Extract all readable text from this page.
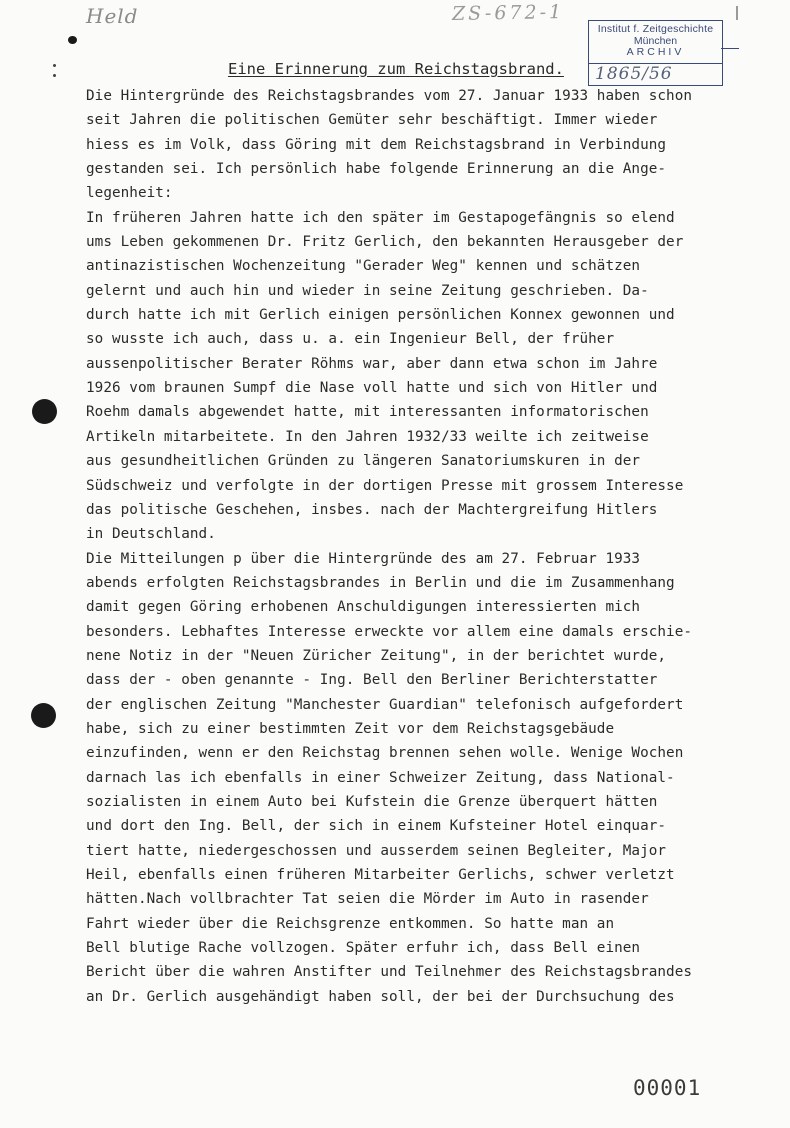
Held	ZS-672-1
Institut f. Zeitgeschichte
München
ARCHIV
1865/56
Eine Erinnerung zum Reichstagsbrand.
Die Hintergründe des Reichstagsbrandes vom 27. Januar 1933 haben schon
seit Jahren die politischen Gemüter sehr beschäftigt. Immer wieder
hiess es im Volk, dass Göring mit dem Reichstagsbrand in Verbindung
gestanden sei. Ich persönlich habe folgende Erinnerung an die Ange-
legenheit:
In früheren Jahren hatte ich den später im Gestapogefängnis so elend
ums Leben gekommenen Dr. Fritz Gerlich, den bekannten Herausgeber der
antinazistischen Wochenzeitung "Gerader Weg" kennen und schätzen
gelernt und auch hin und wieder in seine Zeitung geschrieben. Da-
durch hatte ich mit Gerlich einigen persönlichen Konnex gewonnen und
so wusste ich auch, dass u. a. ein Ingenieur Bell, der früher
aussenpolitischer Berater Röhms war, aber dann etwa schon im Jahre
1926 vom braunen Sumpf die Nase voll hatte und sich von Hitler und
Roehm damals abgewendet hatte, mit interessanten informatorischen
Artikeln mitarbeitete. In den Jahren 1932/33 weilte ich zeitweise
aus gesundheitlichen Gründen zu längeren Sanatoriumskuren in der
Südschweiz und verfolgte in der dortigen Presse mit grossem Interesse
das politische Geschehen, insbes. nach der Machtergreifung Hitlers
in Deutschland.
Die Mitteilungen p über die Hintergründe des am 27. Februar 1933
abends erfolgten Reichstagsbrandes in Berlin und die im Zusammenhang
damit gegen Göring erhobenen Anschuldigungen interessierten mich
besonders. Lebhaftes Interesse erweckte vor allem eine damals erschie-
nene Notiz in der "Neuen Züricher Zeitung", in der berichtet wurde,
dass der - oben genannte - Ing. Bell den Berliner Berichterstatter
der englischen Zeitung "Manchester Guardian" telefonisch aufgefordert
habe, sich zu einer bestimmten Zeit vor dem Reichstagsgebäude
einzufinden, wenn er den Reichstag brennen sehen wolle. Wenige Wochen
darnach las ich ebenfalls in einer Schweizer Zeitung, dass National-
sozialisten in einem Auto bei Kufstein die Grenze überquert hätten
und dort den Ing. Bell, der sich in einem Kufsteiner Hotel einquar-
tiert hatte, niedergeschossen und ausserdem seinen Begleiter, Major
Heil, ebenfalls einen früheren Mitarbeiter Gerlichs, schwer verletzt
hätten.Nach vollbrachter Tat seien die Mörder im Auto in rasender
Fahrt wieder über die Reichsgrenze entkommen. So hatte man an
Bell blutige Rache vollzogen. Später erfuhr ich, dass Bell einen
Bericht über die wahren Anstifter und Teilnehmer des Reichstagsbrandes
an Dr. Gerlich ausgehändigt haben soll, der bei der Durchsuchung des
00001
